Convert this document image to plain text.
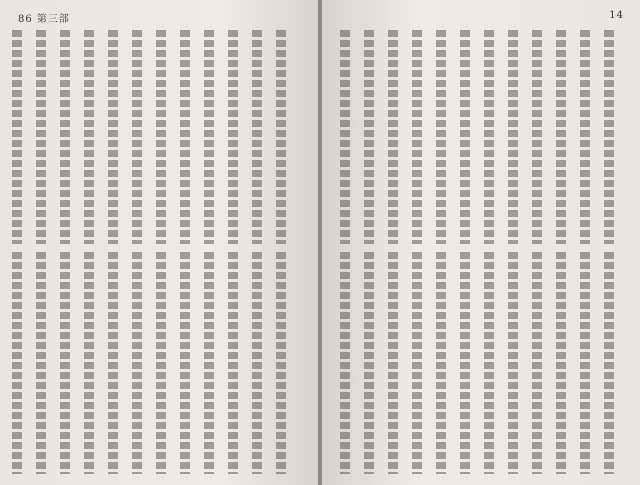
86 第三部	14
